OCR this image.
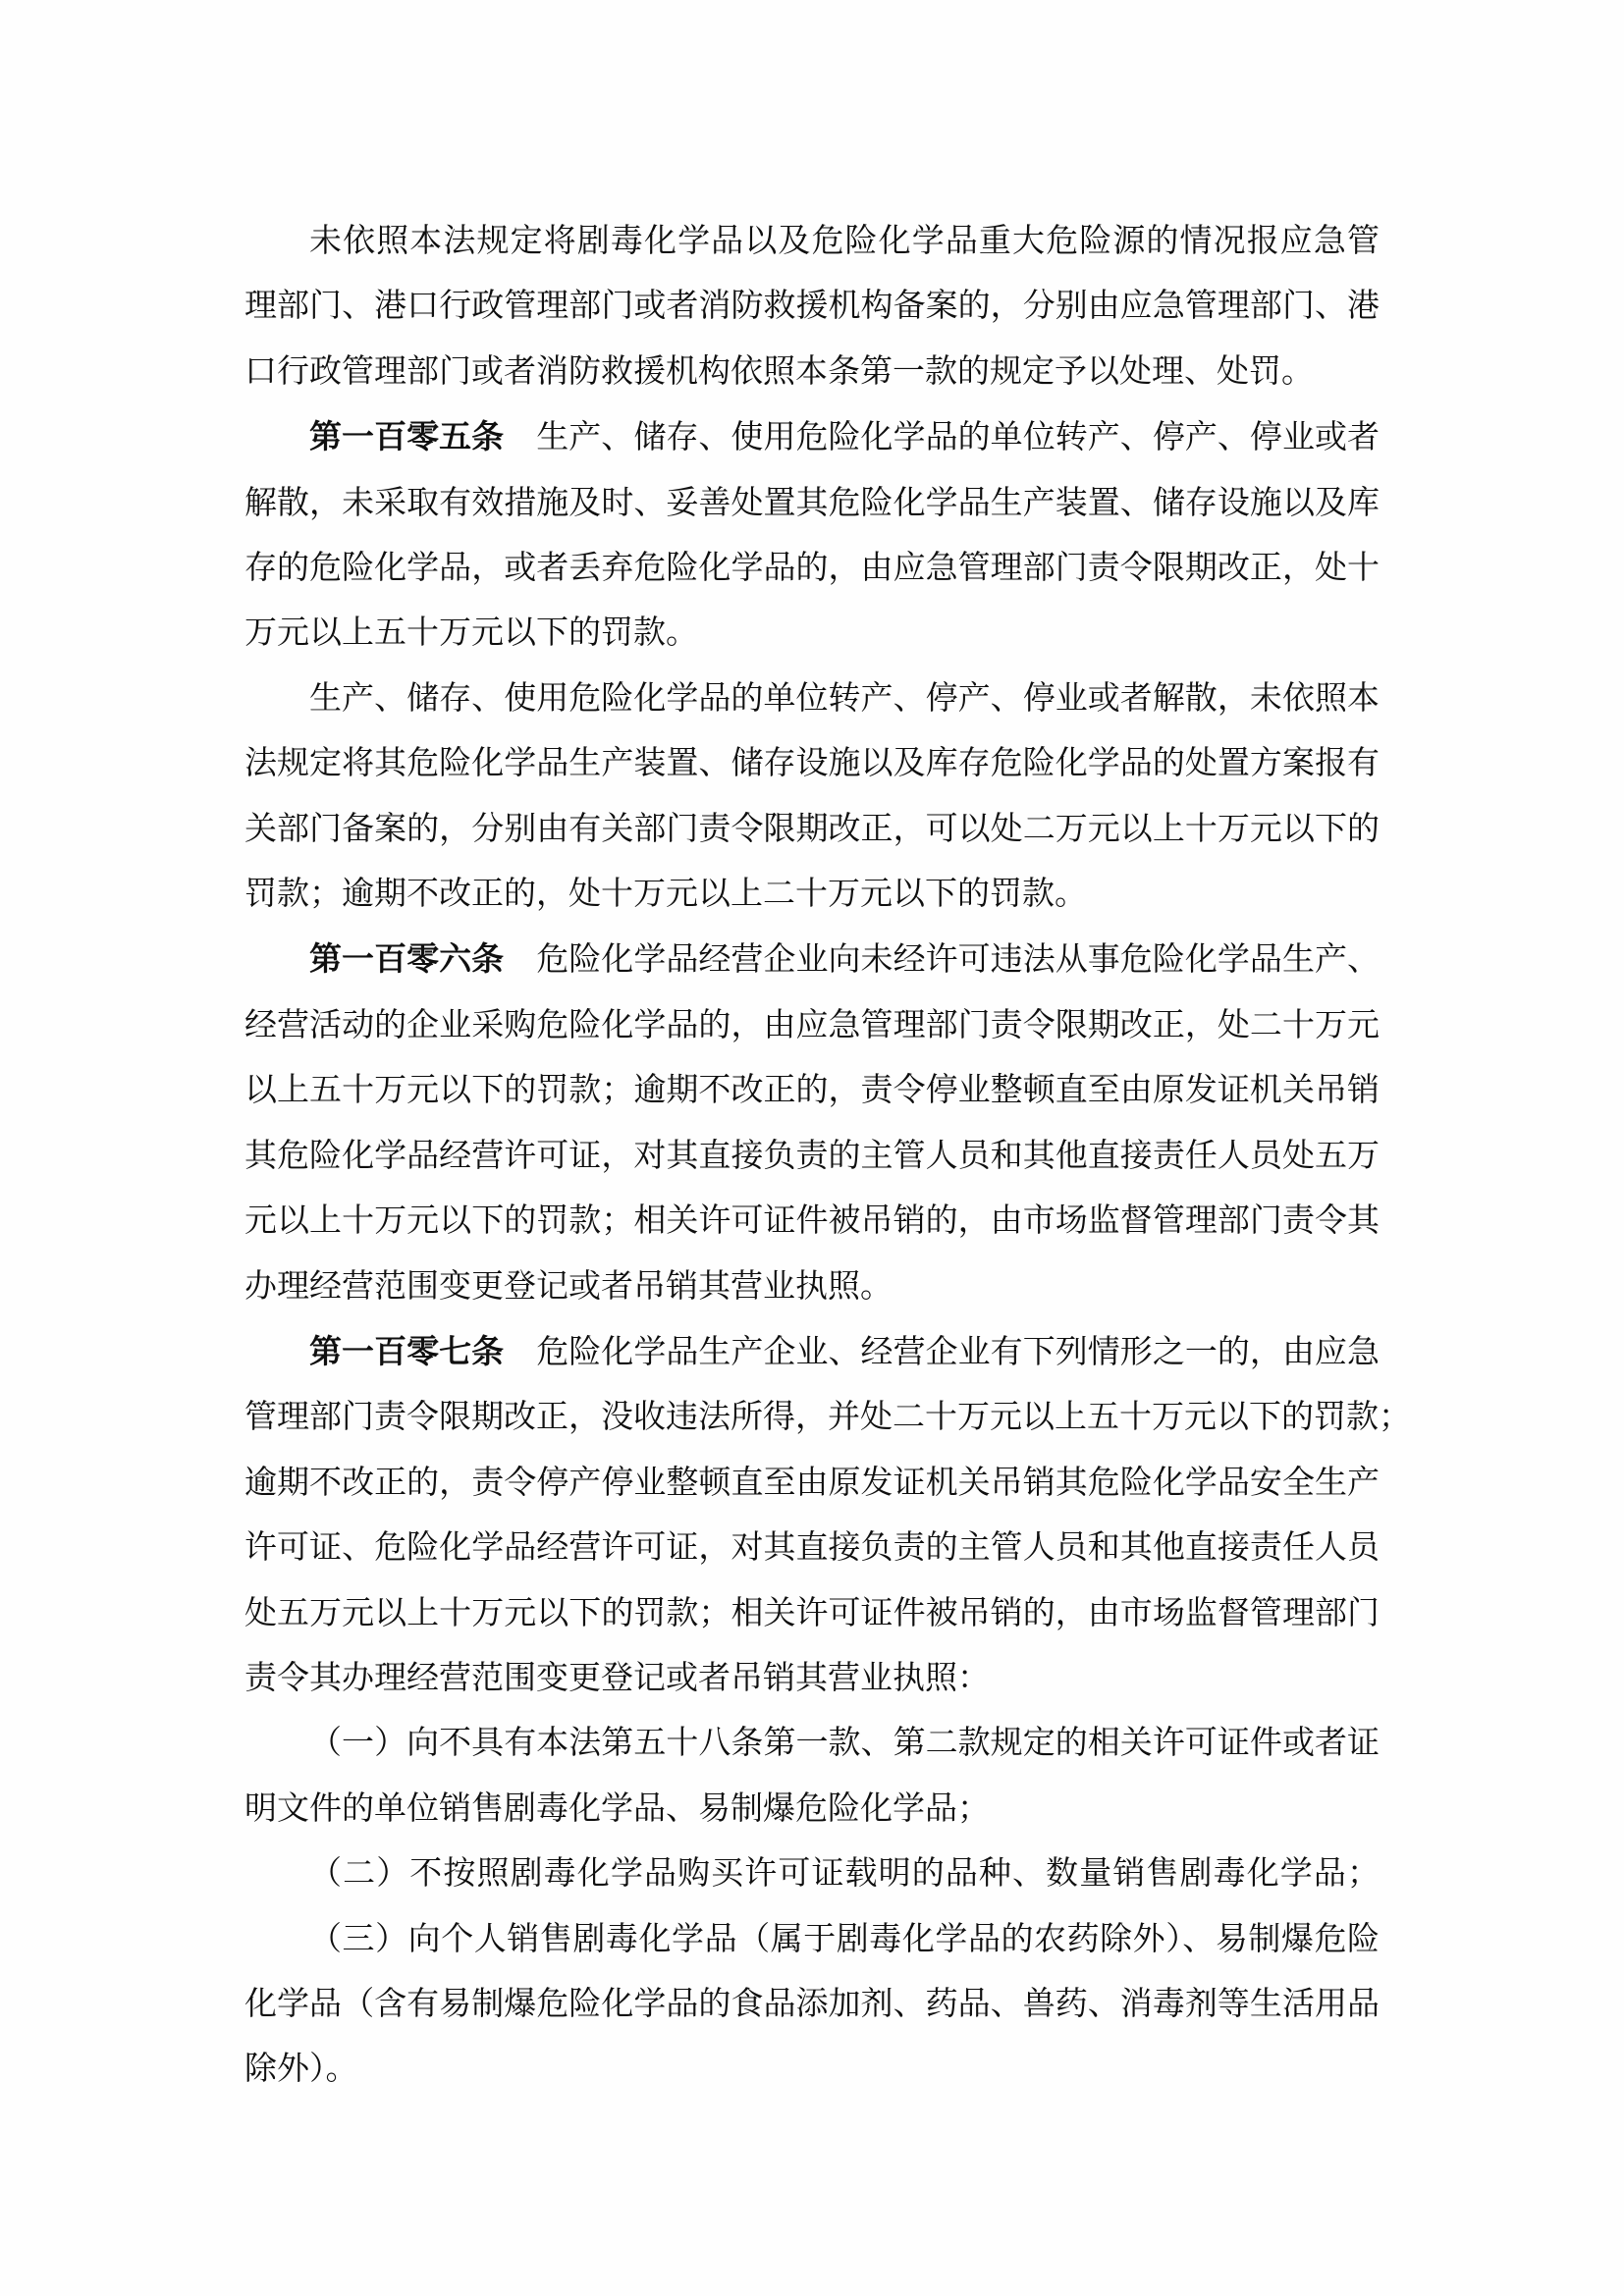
未依照本法规定将剧毒化学品以及危险化学品重大危险源的情况报应急管
理部门、港口行政管理部门或者消防救援机构备案的，分别由应急管理部门、港
口行政管理部门或者消防救援机构依照本条第一款的规定予以处理、处罚。
第一百零五条　生产、储存、使用危险化学品的单位转产、停产、停业或者
解散，未采取有效措施及时、妥善处置其危险化学品生产装置、储存设施以及库
存的危险化学品，或者丢弃危险化学品的，由应急管理部门责令限期改正，处十
万元以上五十万元以下的罚款。
生产、储存、使用危险化学品的单位转产、停产、停业或者解散，未依照本
法规定将其危险化学品生产装置、储存设施以及库存危险化学品的处置方案报有
关部门备案的，分别由有关部门责令限期改正，可以处二万元以上十万元以下的
罚款；逾期不改正的，处十万元以上二十万元以下的罚款。
第一百零六条　危险化学品经营企业向未经许可违法从事危险化学品生产、
经营活动的企业采购危险化学品的，由应急管理部门责令限期改正，处二十万元
以上五十万元以下的罚款；逾期不改正的，责令停业整顿直至由原发证机关吊销
其危险化学品经营许可证，对其直接负责的主管人员和其他直接责任人员处五万
元以上十万元以下的罚款；相关许可证件被吊销的，由市场监督管理部门责令其
办理经营范围变更登记或者吊销其营业执照。
第一百零七条　危险化学品生产企业、经营企业有下列情形之一的，由应急
管理部门责令限期改正，没收违法所得，并处二十万元以上五十万元以下的罚款；
逾期不改正的，责令停产停业整顿直至由原发证机关吊销其危险化学品安全生产
许可证、危险化学品经营许可证，对其直接负责的主管人员和其他直接责任人员
处五万元以上十万元以下的罚款；相关许可证件被吊销的，由市场监督管理部门
责令其办理经营范围变更登记或者吊销其营业执照：
（一）向不具有本法第五十八条第一款、第二款规定的相关许可证件或者证
明文件的单位销售剧毒化学品、易制爆危险化学品；
（二）不按照剧毒化学品购买许可证载明的品种、数量销售剧毒化学品；
（三）向个人销售剧毒化学品（属于剧毒化学品的农药除外）、易制爆危险
化学品（含有易制爆危险化学品的食品添加剂、药品、兽药、消毒剂等生活用品
除外）。
